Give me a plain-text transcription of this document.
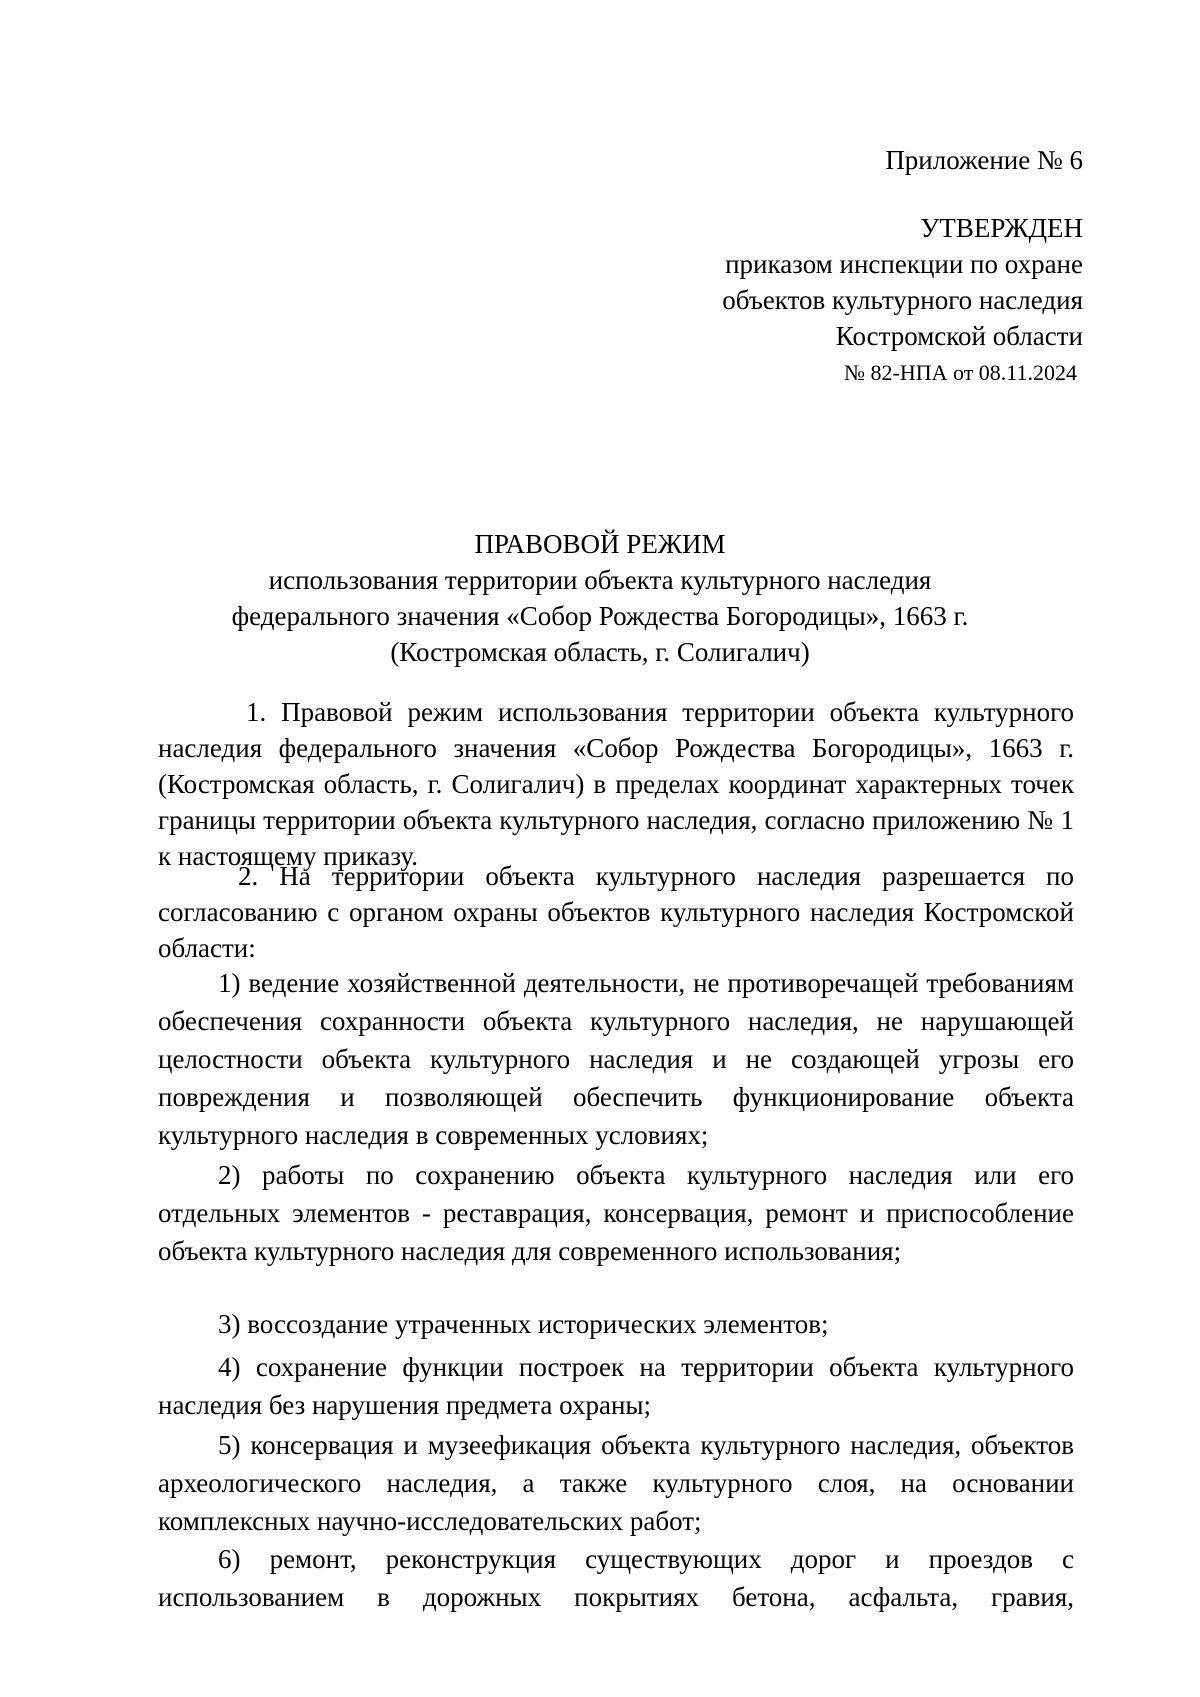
Приложение № 6
УТВЕРЖДЕН
приказом инспекции по охране
объектов культурного наследия
Костромской области
№ 82-НПА от 08.11.2024
ПРАВОВОЙ РЕЖИМ
использования территории объекта культурного наследия
федерального значения «Собор Рождества Богородицы», 1663 г.
(Костромская область, г. Солигалич)
1. Правовой режим использования территории объекта культурного наследия федерального значения «Собор Рождества Богородицы», 1663 г. (Костромская область, г. Солигалич) в пределах координат характерных точек границы территории объекта культурного наследия, согласно приложению № 1 к настоящему приказу.
2. На территории объекта культурного наследия разрешается по согласованию с органом охраны объектов культурного наследия Костромской области:
1) ведение хозяйственной деятельности, не противоречащей требованиям обеспечения сохранности объекта культурного наследия, не нарушающей целостности объекта культурного наследия и не создающей угрозы его повреждения и позволяющей обеспечить функционирование объекта культурного наследия в современных условиях;
2) работы по сохранению объекта культурного наследия или его отдельных элементов - реставрация, консервация, ремонт и приспособление объекта культурного наследия для современного использования;
3) воссоздание утраченных исторических элементов;
4) сохранение функции построек на территории объекта культурного наследия без нарушения предмета охраны;
5) консервация и музеефикация объекта культурного наследия, объектов археологического наследия, а также культурного слоя, на основании комплексных научно-исследовательских работ;
6) ремонт, реконструкция существующих дорог и проездов с использованием в дорожных покрытиях бетона, асфальта, гравия,
